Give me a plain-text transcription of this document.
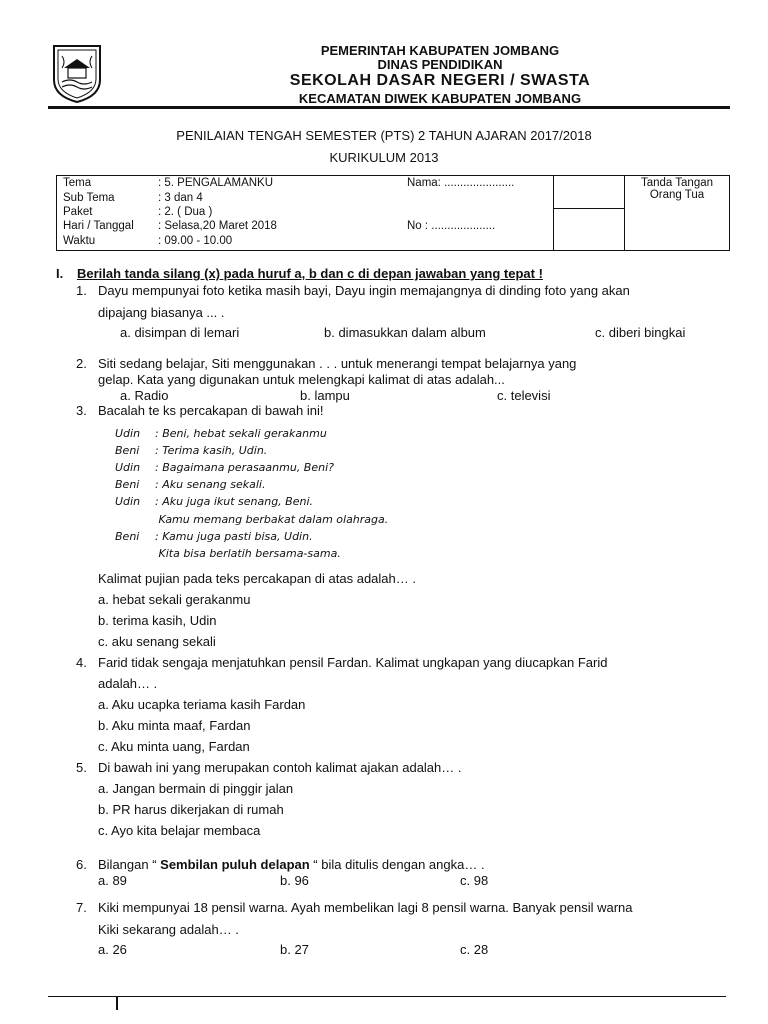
PEMERINTAH KABUPATEN JOMBANG
DINAS PENDIDIKAN
SEKOLAH DASAR NEGERI / SWASTA
KECAMATAN DIWEK KABUPATEN JOMBANG
PENILAIAN TENGAH SEMESTER (PTS) 2 TAHUN AJARAN 2017/2018
KURIKULUM 2013
Tema	: 5. PENGALAMANKU
Sub Tema	: 3 dan 4
Paket	: 2. ( Dua )
Hari / Tanggal : Selasa,20 Maret 2018
Waktu	: 09.00 - 10.00
Nama: ......................
No : ....................

Tanda Tangan
Orang Tua

I. Berilah tanda silang (x) pada huruf a, b dan c di depan jawaban yang tepat !
1. Dayu mempunyai foto ketika masih bayi, Dayu ingin memajangnya di dinding foto yang akan
dipajang biasanya ... .
a. disimpan di lemari	b. dimasukkan dalam album	c. diberi bingkai
2. Siti sedang belajar, Siti menggunakan . . . untuk menerangi tempat belajarnya yang
gelap. Kata yang digunakan untuk melengkapi kalimat di atas adalah...
a. Radio	b. lampu	c. televisi
3. Bacalah te ks percakapan di bawah ini!
Udin : Beni, hebat sekali gerakanmu
Beni : Terima kasih, Udin.
Udin : Bagaimana perasaanmu, Beni?
Beni : Aku senang sekali.
Udin : Aku juga ikut senang, Beni.
Kamu memang berbakat dalam olahraga.
Beni : Kamu juga pasti bisa, Udin.
Kita bisa berlatih bersama-sama.
Kalimat pujian pada teks percakapan di atas adalah… .
a. hebat sekali gerakanmu
b. terima kasih, Udin
c. aku senang sekali
4. Farid tidak sengaja menjatuhkan pensil Fardan. Kalimat ungkapan yang diucapkan Farid
adalah… .
a. Aku ucapka teriama kasih Fardan
b. Aku minta maaf, Fardan
c. Aku minta uang, Fardan
5. Di bawah ini yang merupakan contoh kalimat ajakan adalah… .
a. Jangan bermain di pinggir jalan
b. PR harus dikerjakan di rumah
c. Ayo kita belajar membaca
6. Bilangan “ Sembilan puluh delapan “ bila ditulis dengan angka… .
a. 89	b. 96	c. 98
7. Kiki mempunyai 18 pensil warna. Ayah membelikan lagi 8 pensil warna. Banyak pensil warna
Kiki sekarang adalah… .
a. 26	b. 27	c. 28
